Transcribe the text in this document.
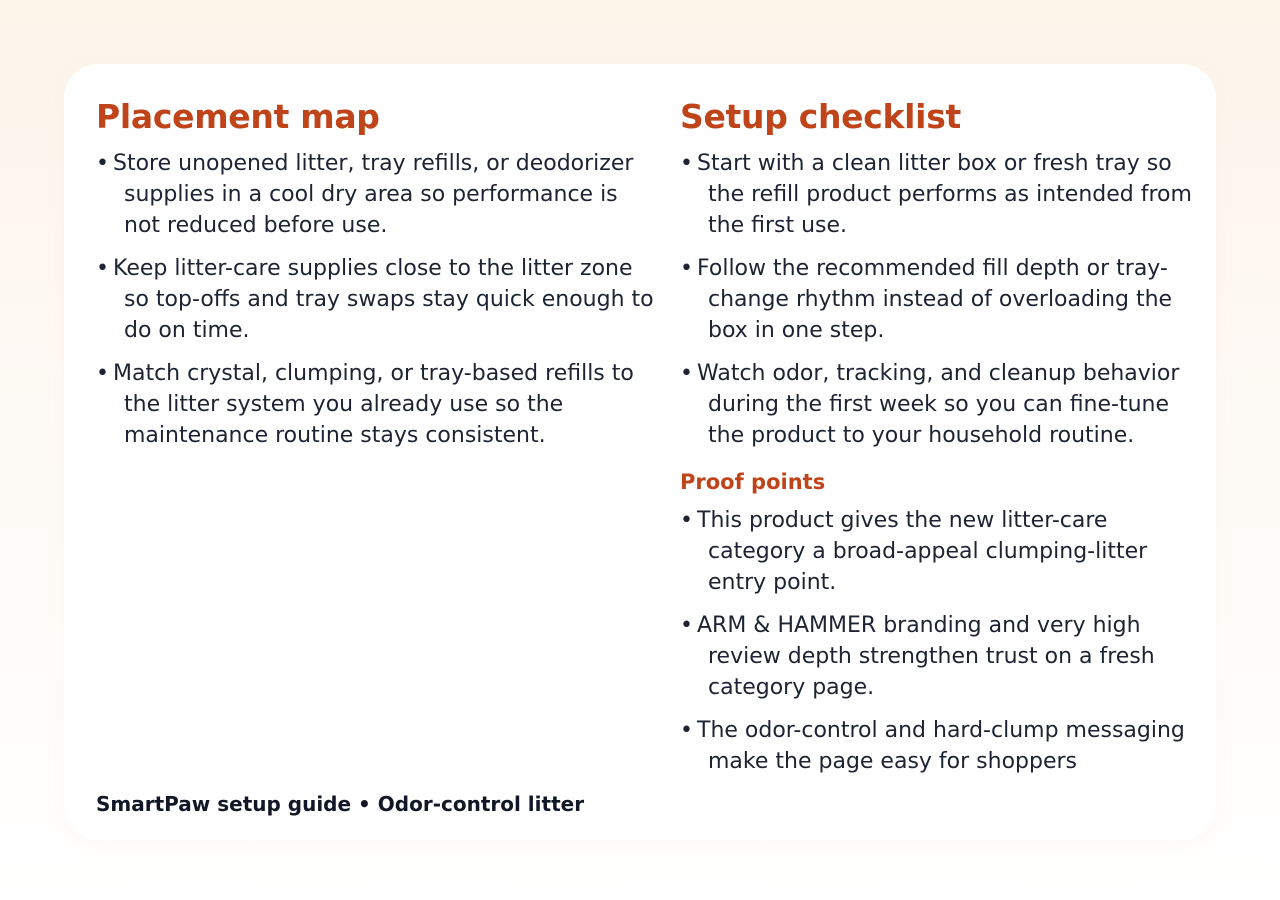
Placement map
• Store unopened litter, tray refills, or deodorizer supplies in a cool dry area so performance is not reduced before use.
• Keep litter-care supplies close to the litter zone so top-offs and tray swaps stay quick enough to do on time.
• Match crystal, clumping, or tray-based refills to the litter system you already use so the maintenance routine stays consistent.
Setup checklist
• Start with a clean litter box or fresh tray so the refill product performs as intended from the first use.
• Follow the recommended fill depth or tray-change rhythm instead of overloading the box in one step.
• Watch odor, tracking, and cleanup behavior during the first week so you can fine-tune the product to your household routine.
Proof points
• This product gives the new litter-care category a broad-appeal clumping-litter entry point.
• ARM & HAMMER branding and very high review depth strengthen trust on a fresh category page.
• The odor-control and hard-clump messaging make the page easy for shoppers
SmartPaw setup guide • Odor-control litter
